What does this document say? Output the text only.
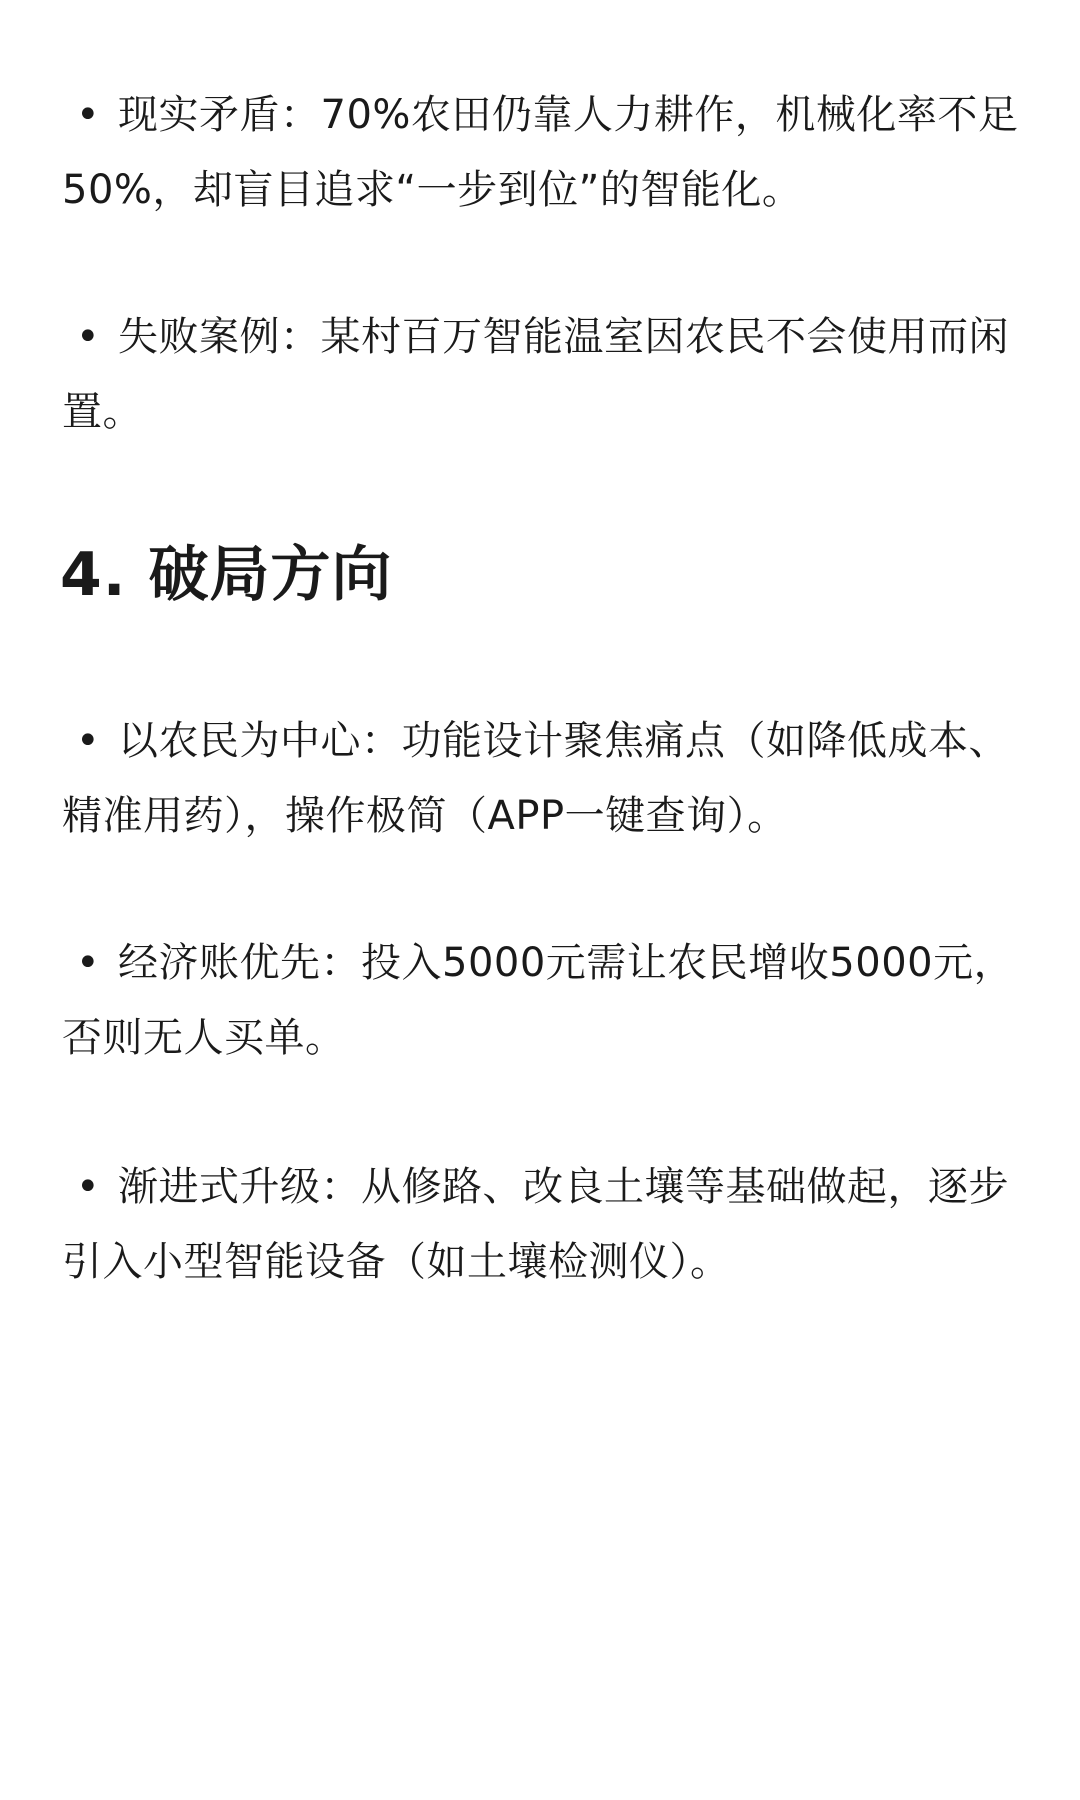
• 现实矛盾：70%农田仍靠人力耕作，机械化率不足50%，却盲目追求“一步到位”的智能化。
• 失败案例：某村百万智能温室因农民不会使用而闲置。
4. 破局方向
• 以农民为中心：功能设计聚焦痛点（如降低成本、精准用药），操作极简（APP一键查询）。
• 经济账优先：投入5000元需让农民增收5000元，否则无人买单。
• 渐进式升级：从修路、改良土壤等基础做起，逐步引入小型智能设备（如土壤检测仪）。
